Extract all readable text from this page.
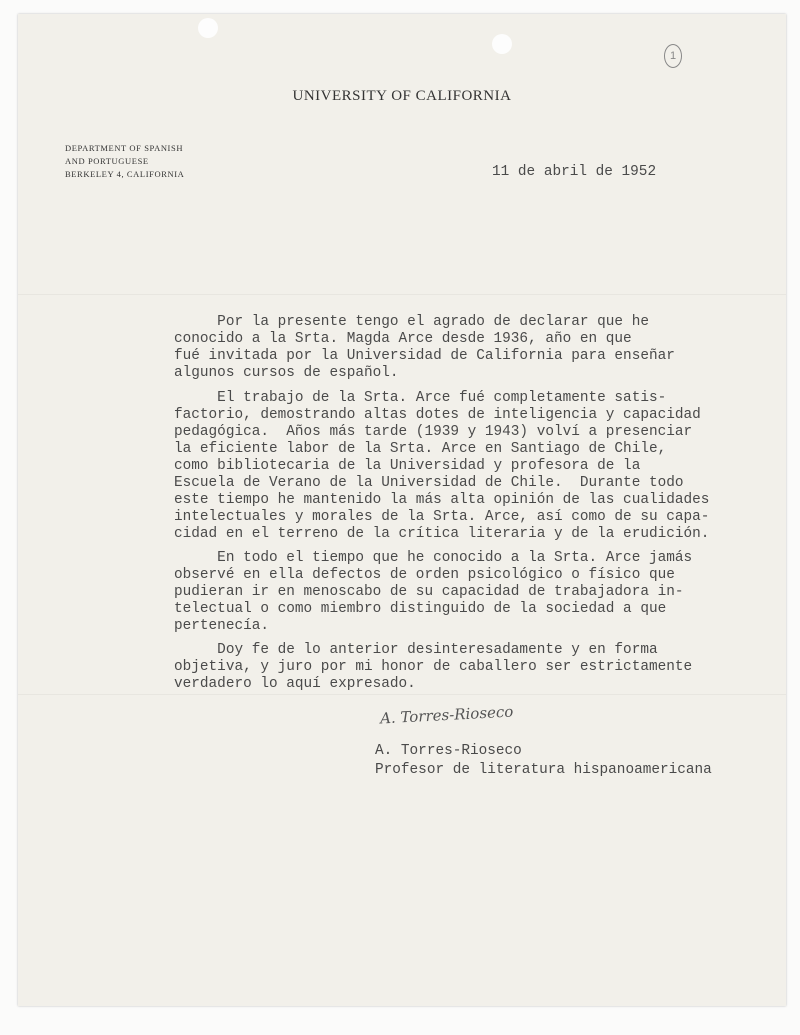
1
UNIVERSITY OF CALIFORNIA
DEPARTMENT OF SPANISH
AND PORTUGUESE
BERKELEY 4, CALIFORNIA	11 de abril de 1952
Por la presente tengo el agrado de declarar que he
conocido a la Srta. Magda Arce desde 1936, año en que
fué invitada por la Universidad de California para enseñar
algunos cursos de español.
El trabajo de la Srta. Arce fué completamente satis-
factorio, demostrando altas dotes de inteligencia y capacidad
pedagógica.  Años más tarde (1939 y 1943) volví a presenciar
la eficiente labor de la Srta. Arce en Santiago de Chile,
como bibliotecaria de la Universidad y profesora de la
Escuela de Verano de la Universidad de Chile.  Durante todo
este tiempo he mantenido la más alta opinión de las cualidades
intelectuales y morales de la Srta. Arce, así como de su capa-
cidad en el terreno de la crítica literaria y de la erudición.
En todo el tiempo que he conocido a la Srta. Arce jamás
observé en ella defectos de orden psicológico o físico que
pudieran ir en menoscabo de su capacidad de trabajadora in-
telectual o como miembro distinguido de la sociedad a que
pertenecía.
Doy fe de lo anterior desinteresadamente y en forma
objetiva, y juro por mi honor de caballero ser estrictamente
verdadero lo aquí expresado.
A. Torres-Rioseco
A. Torres-Rioseco
Profesor de literatura hispanoamericana
